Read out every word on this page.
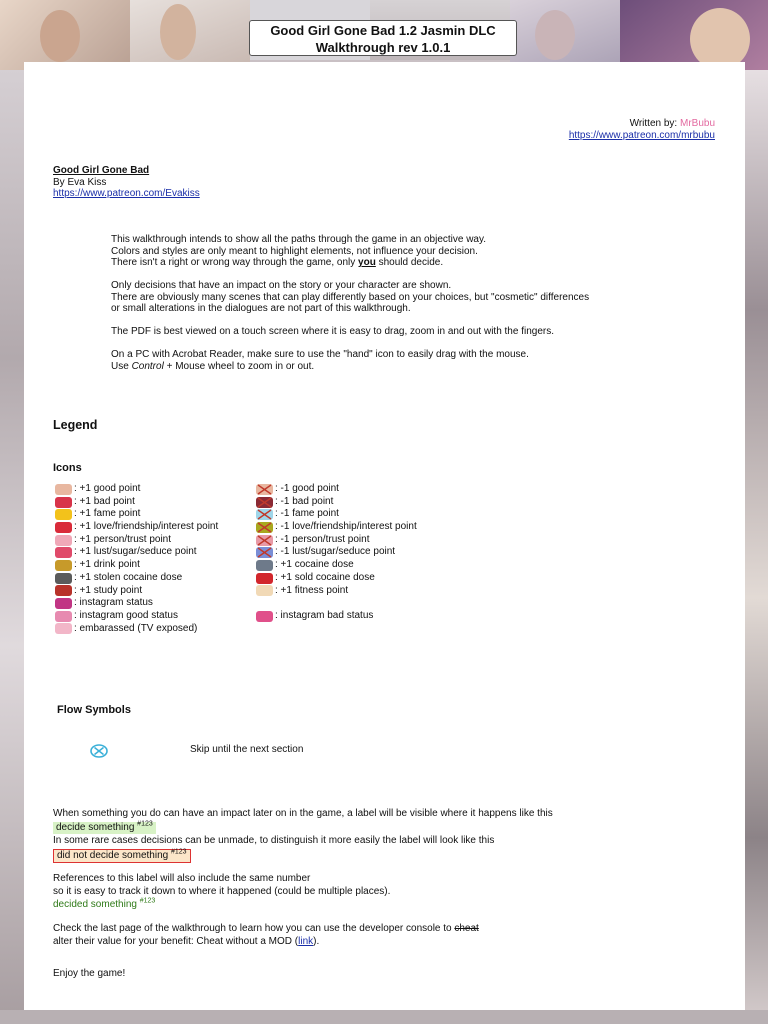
Good Girl Gone Bad 1.2 Jasmin DLC
Walkthrough rev 1.0.1
Written by: MrBubu
https://www.patreon.com/mrbubu
Good Girl Gone Bad
By Eva Kiss
https://www.patreon.com/Evakiss

This walkthrough intends to show all the paths through the game in an objective way.
Colors and styles are only meant to highlight elements, not influence your decision.
There isn't a right or wrong way through the game, only you should decide.

Only decisions that have an impact on the story or your character are shown.
There are obviously many scenes that can play differently based on your choices, but "cosmetic" differences
or small alterations in the dialogues are not part of this walkthrough.

The PDF is best viewed on a touch screen where it is easy to drag, zoom in and out with the fingers.

On a PC with Acrobat Reader, make sure to use the "hand" icon to easily drag with the mouse.
Use Control + Mouse wheel to zoom in or out.

Legend
Icons
: +1 good point
: +1 bad point
: +1 fame point
: +1 love/friendship/interest point
: +1 person/trust point
: +1 lust/sugar/seduce point
: +1 drink point
: +1 stolen cocaine dose
: +1 study point
: instagram status
: instagram good status
: embarassed (TV exposed)
: -1 good point
: -1 bad point
: -1 fame point
: -1 love/friendship/interest point
: -1 person/trust point
: -1 lust/sugar/seduce point
: +1 cocaine dose
: +1 sold cocaine dose
: +1 fitness point
: instagram bad status
Flow Symbols
Skip until the next section
When something you do can have an impact later on in the game, a label will be visible where it happens like this
decide something $^{\#123}$
In some rare cases decisions can be unmade, to distinguish it more easily the label will look like this
did not decide something $^{\#123}$
References to this label will also include the same number
so it is easy to track it down to where it happened (could be multiple places).
decided something $^{\#123}$
Check the last page of the walkthrough to learn how you can use the developer console to cheat
alter their value for your benefit: Cheat without a MOD (link).
Enjoy the game!
